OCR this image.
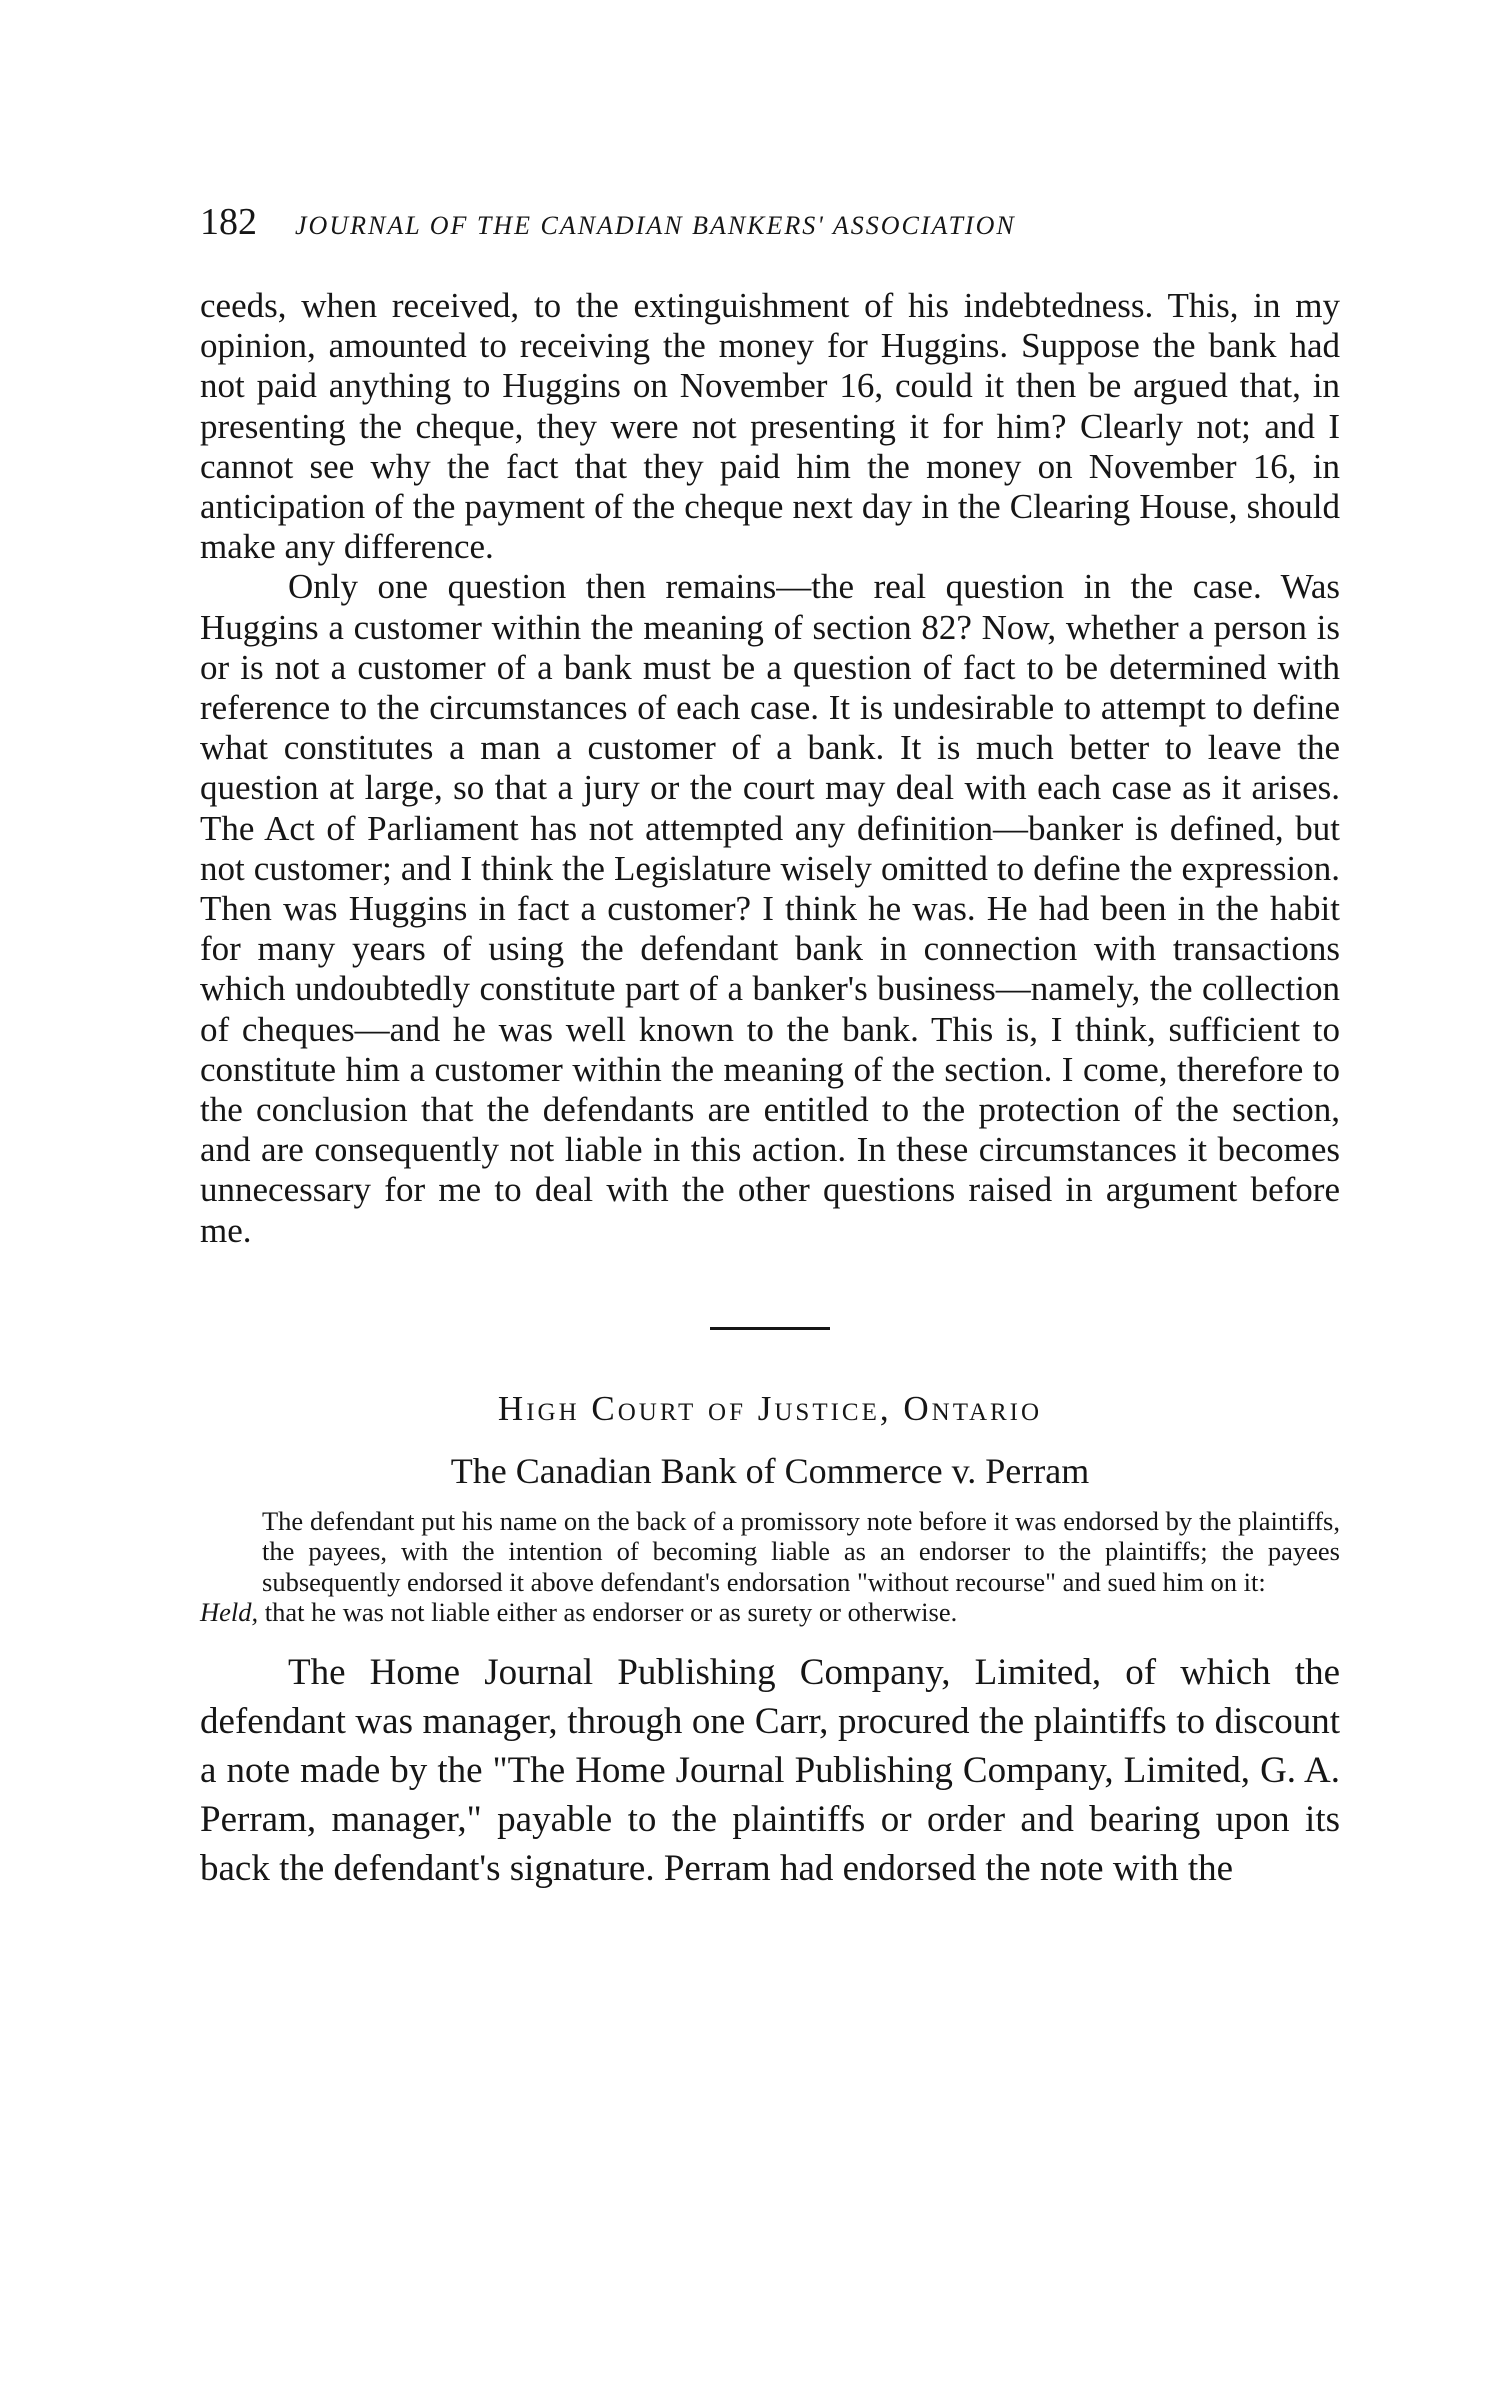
182	JOURNAL OF THE CANADIAN BANKERS' ASSOCIATION

ceeds, when received, to the extinguishment of his indebtedness. This, in my opinion, amounted to receiving the money for Huggins. Suppose the bank had not paid anything to Huggins on November 16, could it then be argued that, in presenting the cheque, they were not presenting it for him? Clearly not; and I cannot see why the fact that they paid him the money on November 16, in anticipation of the payment of the cheque next day in the Clearing House, should make any difference.

Only one question then remains—the real question in the case. Was Huggins a customer within the meaning of section 82? Now, whether a person is or is not a customer of a bank must be a question of fact to be determined with reference to the circumstances of each case. It is undesirable to attempt to define what constitutes a man a customer of a bank. It is much better to leave the question at large, so that a jury or the court may deal with each case as it arises. The Act of Parliament has not attempted any definition—banker is defined, but not customer; and I think the Legislature wisely omitted to define the expression. Then was Huggins in fact a customer? I think he was. He had been in the habit for many years of using the defendant bank in connection with transactions which undoubtedly constitute part of a banker's business—namely, the collection of cheques—and he was well known to the bank. This is, I think, sufficient to constitute him a customer within the meaning of the section. I come, therefore to the conclusion that the defendants are entitled to the protection of the section, and are consequently not liable in this action. In these circumstances it becomes unnecessary for me to deal with the other questions raised in argument before me.

High Court of Justice, Ontario

The Canadian Bank of Commerce v. Perram

The defendant put his name on the back of a promissory note before it was endorsed by the plaintiffs, the payees, with the intention of becoming liable as an endorser to the plaintiffs; the payees subsequently endorsed it above defendant's endorsation "without recourse" and sued him on it:
Held, that he was not liable either as endorser or as surety or otherwise.

The Home Journal Publishing Company, Limited, of which the defendant was manager, through one Carr, procured the plaintiffs to discount a note made by the "The Home Journal Publishing Company, Limited, G. A. Perram, manager," payable to the plaintiffs or order and bearing upon its back the defendant's signature. Perram had endorsed the note with the
